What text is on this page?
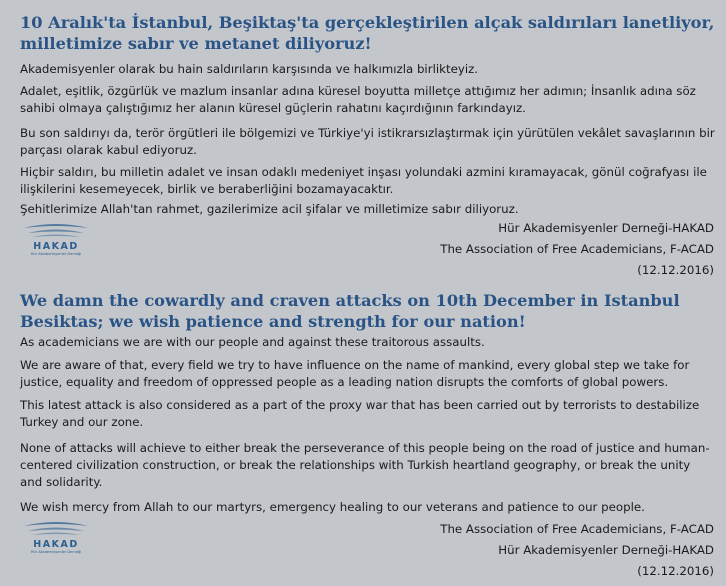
10 Aralık'ta İstanbul, Beşiktaş'ta gerçekleştirilen alçak saldırıları lanetliyor, milletimize sabır ve metanet diliyoruz!

Akademisyenler olarak bu hain saldırıların karşısında ve halkımızla birlikteyiz.

Adalet, eşitlik, özgürlük ve mazlum insanlar adına küresel boyutta milletçe attığımız her adımın; İnsanlık adına söz sahibi olmaya çalıştığımız her alanın küresel güçlerin rahatını kaçırdığının farkındayız.

Bu son saldırıyı da, terör örgütleri ile bölgemizi ve Türkiye'yi istikrarsızlaştırmak için yürütülen vekâlet savaşlarının bir parçası olarak kabul ediyoruz.

Hiçbir saldırı, bu milletin adalet ve insan odaklı medeniyet inşası yolundaki azmini kıramayacak, gönül coğrafyası ile ilişkilerini kesemeyecek, birlik ve beraberliğini bozamayacaktır.

Şehitlerimize Allah'tan rahmet, gazilerimize acil şifalar ve milletimize sabır diliyoruz.

HAKAD
Hür Akademisyenler Derneği
Hür Akademisyenler Derneği-HAKAD
The Association of Free Academicians, F-ACAD
(12.12.2016)
We damn the cowardly and craven attacks on 10th December in Istanbul Besiktas; we wish patience and strength for our nation!

As academicians we are with our people and against these traitorous assaults.

We are aware of that, every field we try to have influence on the name of mankind, every global step we take for justice, equality and freedom of oppressed people as a leading nation disrupts the comforts of global powers.

This latest attack is also considered as a part of the proxy war that has been carried out by terrorists to destabilize Turkey and our zone.

None of attacks will achieve to either break the perseverance of this people being on the road of justice and human-centered civilization construction, or break the relationships with Turkish heartland geography, or break the unity and solidarity.

We wish mercy from Allah to our martyrs, emergency healing to our veterans and patience to our people.

HAKAD
Hür Akademisyenler Derneği
The Association of Free Academicians, F-ACAD
Hür Akademisyenler Derneği-HAKAD
(12.12.2016)
